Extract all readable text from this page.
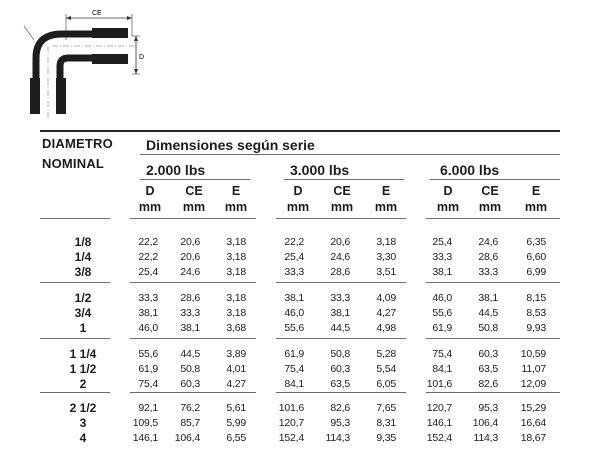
CE
D
DIAMETRO
NOMINAL
Dimensiones según serie
2.000 lbs	3.000 lbs	6.000 lbs
D	CE	E
mm	mm	mm
D	CE	E
mm	mm	mm
D	CE	E
mm	mm	mm
1/8	22,2	20,6	3,18	22,2	20,6	3,18	25,4	24,6	6,35
1/4	22,2	20,6	3,18	25,4	24,6	3,30	33,3	28,6	6,60
3/8	25,4	24,6	3,18	33,3	28,6	3,51	38,1	33,3	6,99
1/2	33,3	28,6	3,18	38,1	33,3	4,09	46,0	38,1	8,15
3/4	38,1	33,3	3,18	46,0	38,1	4,27	55,6	44,5	8,53
1	46,0	38,1	3,68	55,6	44,5	4,98	61,9	50,8	9,93
1 1/4	55,6	44,5	3,89	61,9	50,8	5,28	75,4	60,3	10,59
1 1/2	61,9	50,8	4,01	75,4	60,3	5,54	84,1	63,5	11,07
2	75,4	60,3	4,27	84,1	63,5	6,05	101,6	82,6	12,09
2 1/2	92,1	76,2	5,61	101,6	82,6	7,65	120,7	95,3	15,29
3	109,5	85,7	5,99	120,7	95,3	8,31	146,1	106,4	16,64
4	146,1	106,4	6,55	152,4	114,3	9,35	152,4	114,3	18,67
